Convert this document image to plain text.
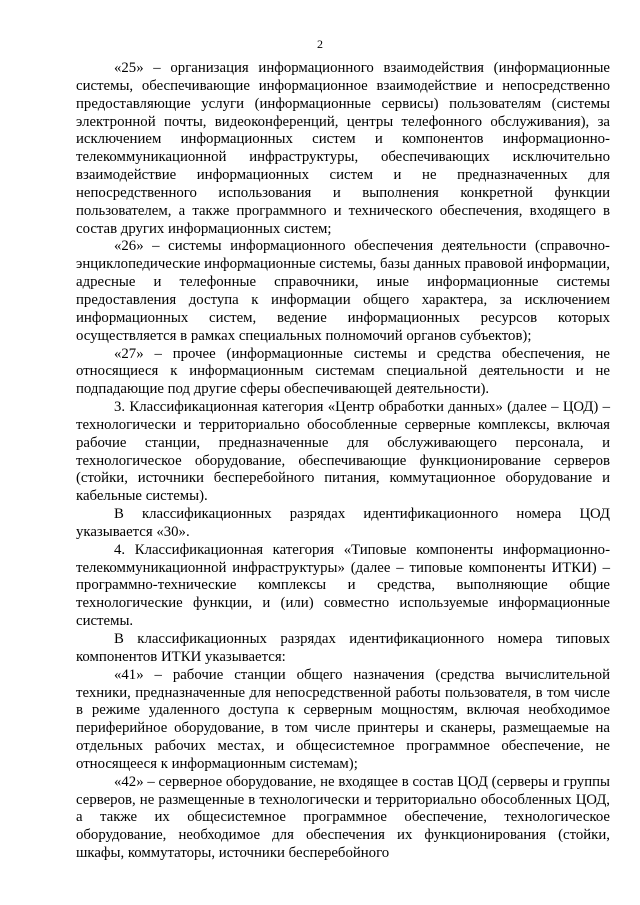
2

«25» – организация информационного взаимодействия (информационные системы, обеспечивающие информационное взаимодействие и непосредственно предоставляющие услуги (информационные сервисы) пользователям (системы электронной почты, видеоконференций, центры телефонного обслуживания), за исключением информационных систем и компонентов информационно-телекоммуникационной инфраструктуры, обеспечивающих исключительно взаимодействие информационных систем и не предназначенных для непосредственного использования и выполнения конкретной функции пользователем, а также программного и технического обеспечения, входящего в состав других информационных систем;

«26» – системы информационного обеспечения деятельности (справочно-энциклопедические информационные системы, базы данных правовой информации, адресные и телефонные справочники, иные информационные системы предоставления доступа к информации общего характера, за исключением информационных систем, ведение информационных ресурсов которых осуществляется в рамках специальных полномочий органов субъектов);

«27» – прочее (информационные системы и средства обеспечения, не относящиеся к информационным системам специальной деятельности и не подпадающие под другие сферы обеспечивающей деятельности).

3. Классификационная категория «Центр обработки данных» (далее – ЦОД) – технологически и территориально обособленные серверные комплексы, включая рабочие станции, предназначенные для обслуживающего персонала, и технологическое оборудование, обеспечивающие функционирование серверов (стойки, источники бесперебойного питания, коммутационное оборудование и кабельные системы).

В классификационных разрядах идентификационного номера ЦОД указывается «30».

4. Классификационная категория «Типовые компоненты информационно-телекоммуникационной инфраструктуры» (далее – типовые компоненты ИТКИ) – программно-технические комплексы и средства, выполняющие общие технологические функции, и (или) совместно используемые информационные системы.

В классификационных разрядах идентификационного номера типовых компонентов ИТКИ указывается:

«41» – рабочие станции общего назначения (средства вычислительной техники, предназначенные для непосредственной работы пользователя, в том числе в режиме удаленного доступа к серверным мощностям, включая необходимое периферийное оборудование, в том числе принтеры и сканеры, размещаемые на отдельных рабочих местах, и общесистемное программное обеспечение, не относящееся к информационным системам);

«42» – серверное оборудование, не входящее в состав ЦОД (серверы и группы серверов, не размещенные в технологически и территориально обособленных ЦОД, а также их общесистемное программное обеспечение, технологическое оборудование, необходимое для обеспечения их функционирования (стойки, шкафы, коммутаторы, источники бесперебойного
